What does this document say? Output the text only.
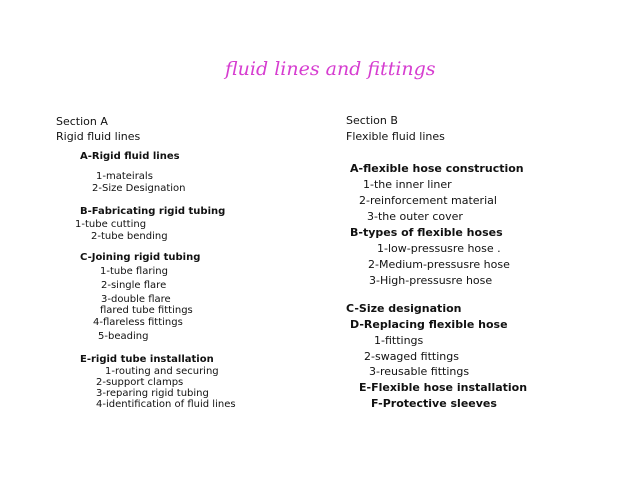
fluid lines and fittings
Section A
Rigid fluid lines
A-Rigid fluid lines
1-mateirals
2-Size Designation
B-Fabricating rigid tubing
1-tube cutting
2-tube bending
C-Joining rigid tubing
1-tube flaring
2-single flare
3-double flare
flared tube fittings
4-flareless fittings
5-beading
E-rigid tube installation
1-routing and securing
2-support clamps
3-reparing rigid tubing
4-identification of fluid lines
Section B
Flexible fluid lines
A-flexible hose construction
1-the inner liner
2-reinforcement material
3-the outer cover
B-types of flexible hoses
1-low-pressusre hose .
2-Medium-pressusre hose
3-High-pressusre hose
C-Size designation
D-Replacing flexible hose
1-fittings
2-swaged fittings
3-reusable fittings
E-Flexible hose installation
F-Protective sleeves
